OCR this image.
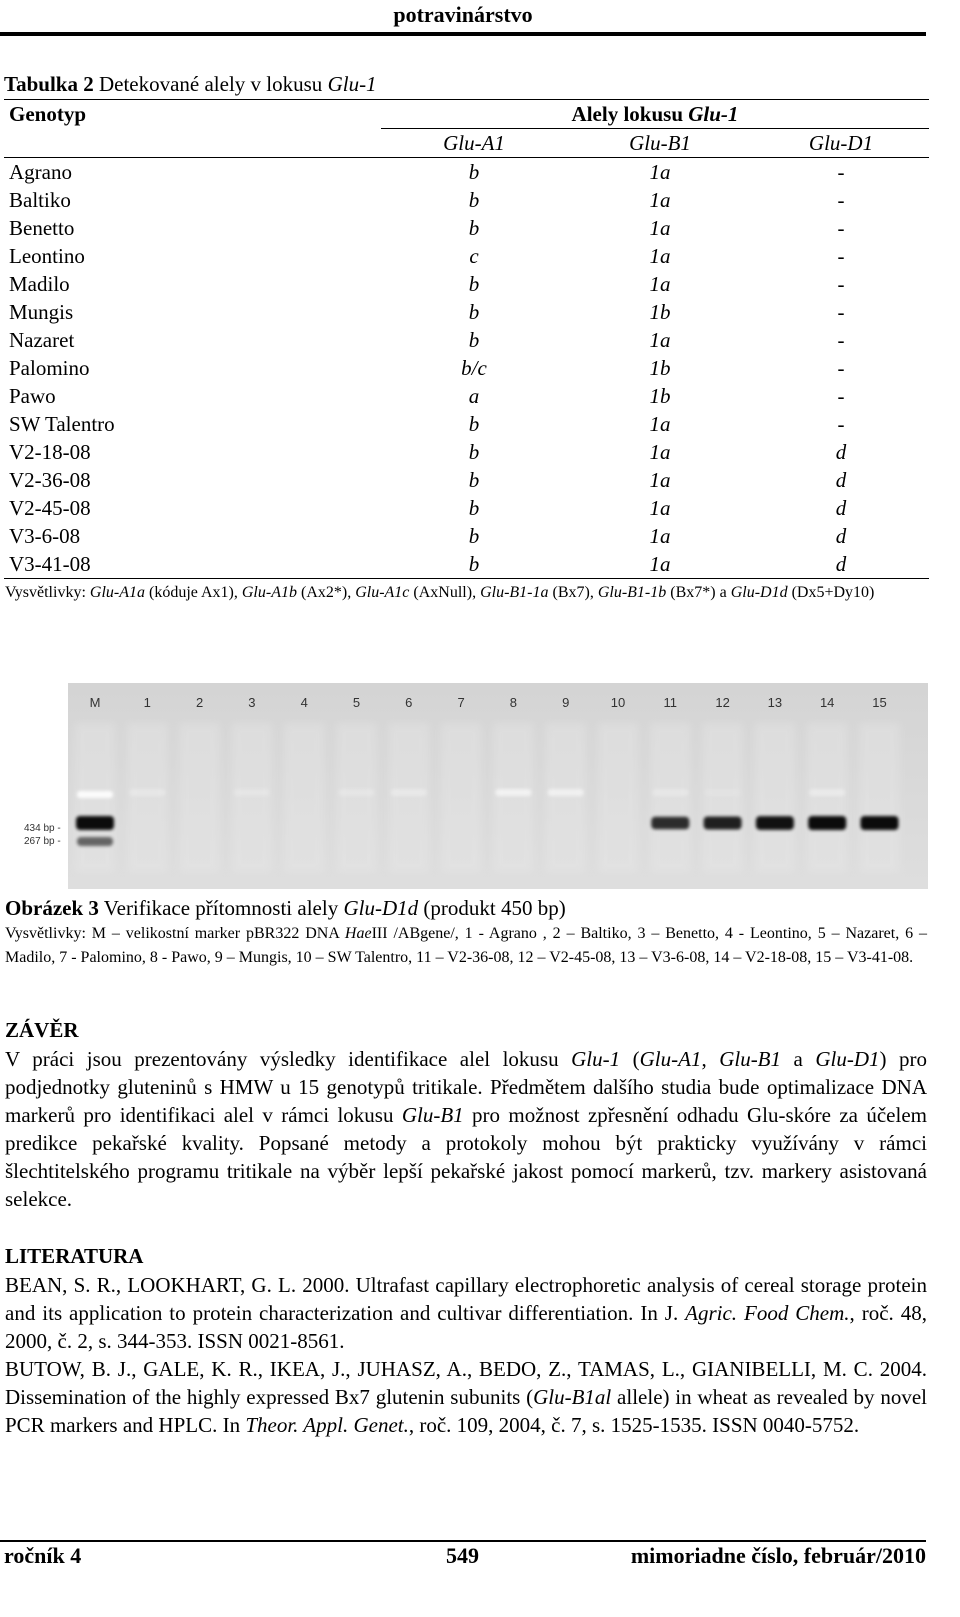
potravinárstvo
Tabulka 2 Detekované alely v lokusu Glu-1
Genotyp	Alely lokusu Glu-1		
	Glu-A1	Glu-B1	Glu-D1
Agrano	b	1a	-
Baltiko	b	1a	-
Benetto	b	1a	-
Leontino	c	1a	-
Madilo	b	1a	-
Mungis	b	1b	-
Nazaret	b	1a	-
Palomino	b/c	1b	-
Pawo	a	1b	-
SW Talentro	b	1a	-
V2-18-08	b	1a	d
V2-36-08	b	1a	d
V2-45-08	b	1a	d
V3-6-08	b	1a	d
V3-41-08	b	1a	d
Vysvětlivky: Glu-A1a (kóduje Ax1), Glu-A1b (Ax2*), Glu-A1c (AxNull), Glu-B1-1a (Bx7), Glu-B1-1b (Bx7*) a Glu-D1d (Dx5+Dy10)
M	1	2	3	4	5	6	7	8	9	10	11	12	13	14	15
434 bp -
267 bp -
Obrázek 3 Verifikace přítomnosti alely Glu-D1d (produkt 450 bp)
Vysvětlivky: M – velikostní marker pBR322 DNA HaeIII /ABgene/, 1 - Agrano , 2 – Baltiko, 3 – Benetto, 4 - Leontino, 5 – Nazaret, 6 – Madilo, 7 - Palomino, 8 - Pawo, 9 – Mungis, 10 – SW Talentro, 11 – V2-36-08, 12 – V2-45-08, 13 – V3-6-08, 14 – V2-18-08, 15 – V3-41-08.
ZÁVĚR
V práci jsou prezentovány výsledky identifikace alel lokusu Glu-1 (Glu-A1, Glu-B1 a Glu-D1) pro podjednotky gluteninů s HMW u 15 genotypů tritikale. Předmětem dalšího studia bude optimalizace DNA markerů pro identifikaci alel v rámci lokusu Glu-B1 pro možnost zpřesnění odhadu Glu-skóre za účelem predikce pekařské kvality. Popsané metody a protokoly mohou být prakticky využívány v rámci šlechtitelského programu tritikale na výběr lepší pekařské jakost pomocí markerů, tzv. markery asistovaná selekce.
LITERATURA
BEAN, S. R., LOOKHART, G. L. 2000. Ultrafast capillary electrophoretic analysis of cereal storage protein and its application to protein characterization and cultivar differentiation. In J. Agric. Food Chem., roč. 48, 2000, č. 2, s. 344-353. ISSN 0021-8561.
BUTOW, B. J., GALE, K. R., IKEA, J., JUHASZ, A., BEDO, Z., TAMAS, L., GIANIBELLI, M. C. 2004. Dissemination of the highly expressed Bx7 glutenin subunits (Glu-B1al allele) in wheat as revealed by novel PCR markers and HPLC. In Theor. Appl. Genet., roč. 109, 2004, č. 7, s. 1525-1535. ISSN 0040-5752.
ročník 4	549	mimoriadne číslo, február/2010
